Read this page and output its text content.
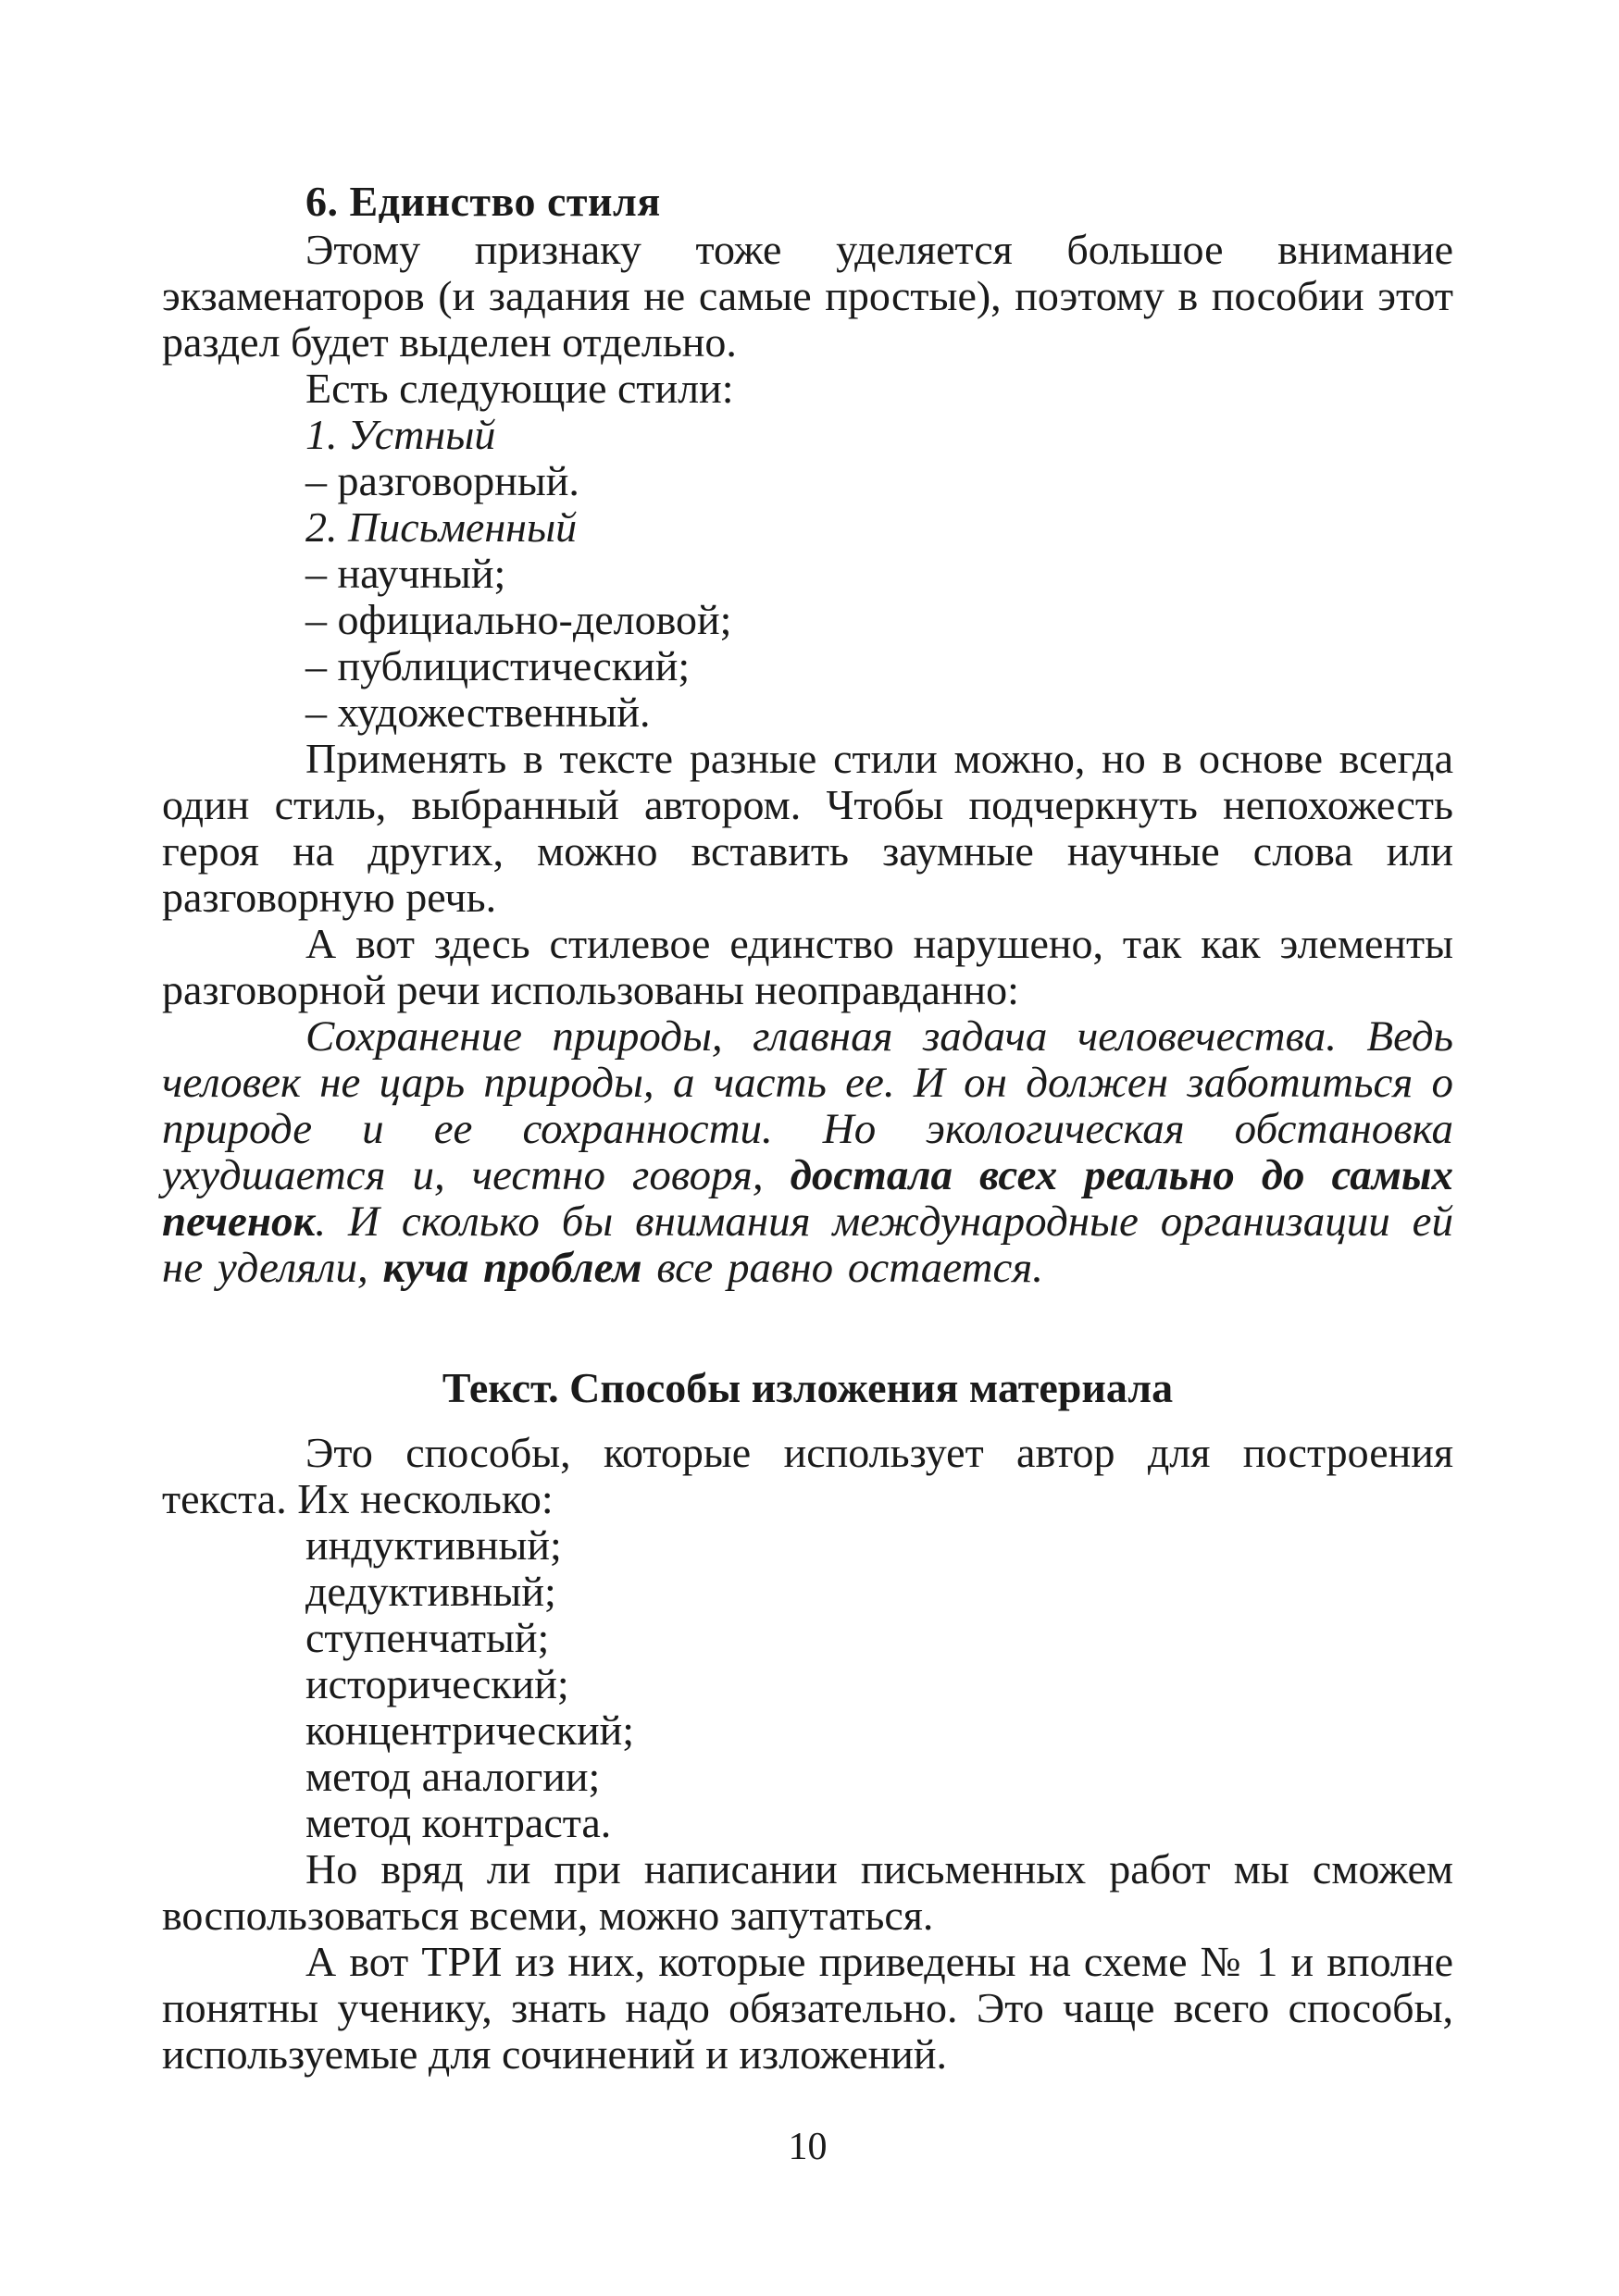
6. Единство стиля

Этому признаку тоже уделяется большое внимание экзаменаторов (и задания не самые простые), поэтому в пособии этот раздел будет выделен отдельно.

Есть следующие стили:
1. Устный
– разговорный.
2. Письменный
– научный;
– официально-деловой;
– публицистический;
– художественный.

Применять в тексте разные стили можно, но в основе всегда один стиль, выбранный автором. Чтобы подчеркнуть непохожесть героя на других, можно вставить заумные научные слова или разговорную речь.

А вот здесь стилевое единство нарушено, так как элементы разговорной речи использованы неоправданно:

Сохранение природы, главная задача человечества. Ведь человек не царь природы, а часть ее. И он должен заботиться о природе и ее сохранности. Но экологическая обстановка ухудшается и, честно говоря, достала всех реально до самых печенок. И сколько бы внимания международные организации ей не уделяли, куча проблем все равно остается.

Текст. Способы изложения материала

Это способы, которые использует автор для построения текста. Их несколько:

индуктивный;
дедуктивный;
ступенчатый;
исторический;
концентрический;
метод аналогии;
метод контраста.

Но вряд ли при написании письменных работ мы сможем воспользоваться всеми, можно запутаться.

А вот ТРИ из них, которые приведены на схеме № 1 и вполне понятны ученику, знать надо обязательно. Это чаще всего способы, используемые для сочинений и изложений.

10
